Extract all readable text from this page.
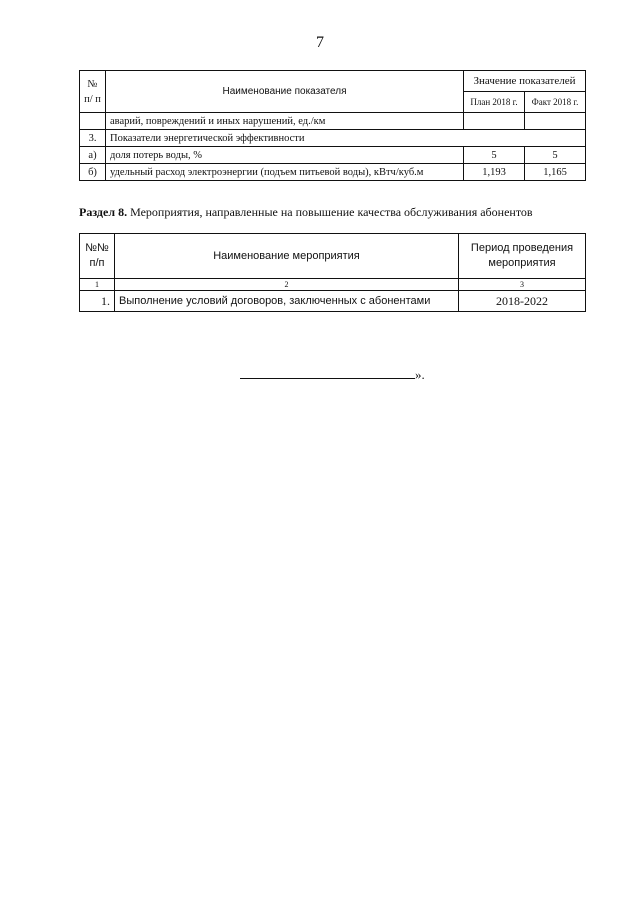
7
№ п/ п	Наименование показателя	Значение показателей	
		План 2018 г.	Факт 2018 г.
	аварий, повреждений и иных нарушений, ед./км		
3.	Показатели энергетической эффективности		
а)	доля потерь воды, %	5	5
б)	удельный расход электроэнергии (подъем питьевой воды), кВтч/куб.м	1,193	1,165
Раздел 8. Мероприятия, направленные на повышение качества обслуживания абонентов
№№ п/п	Наименование мероприятия	Период проведения мероприятия
1	2	3
1.	Выполнение условий договоров, заключенных с абонентами	2018-2022
».
